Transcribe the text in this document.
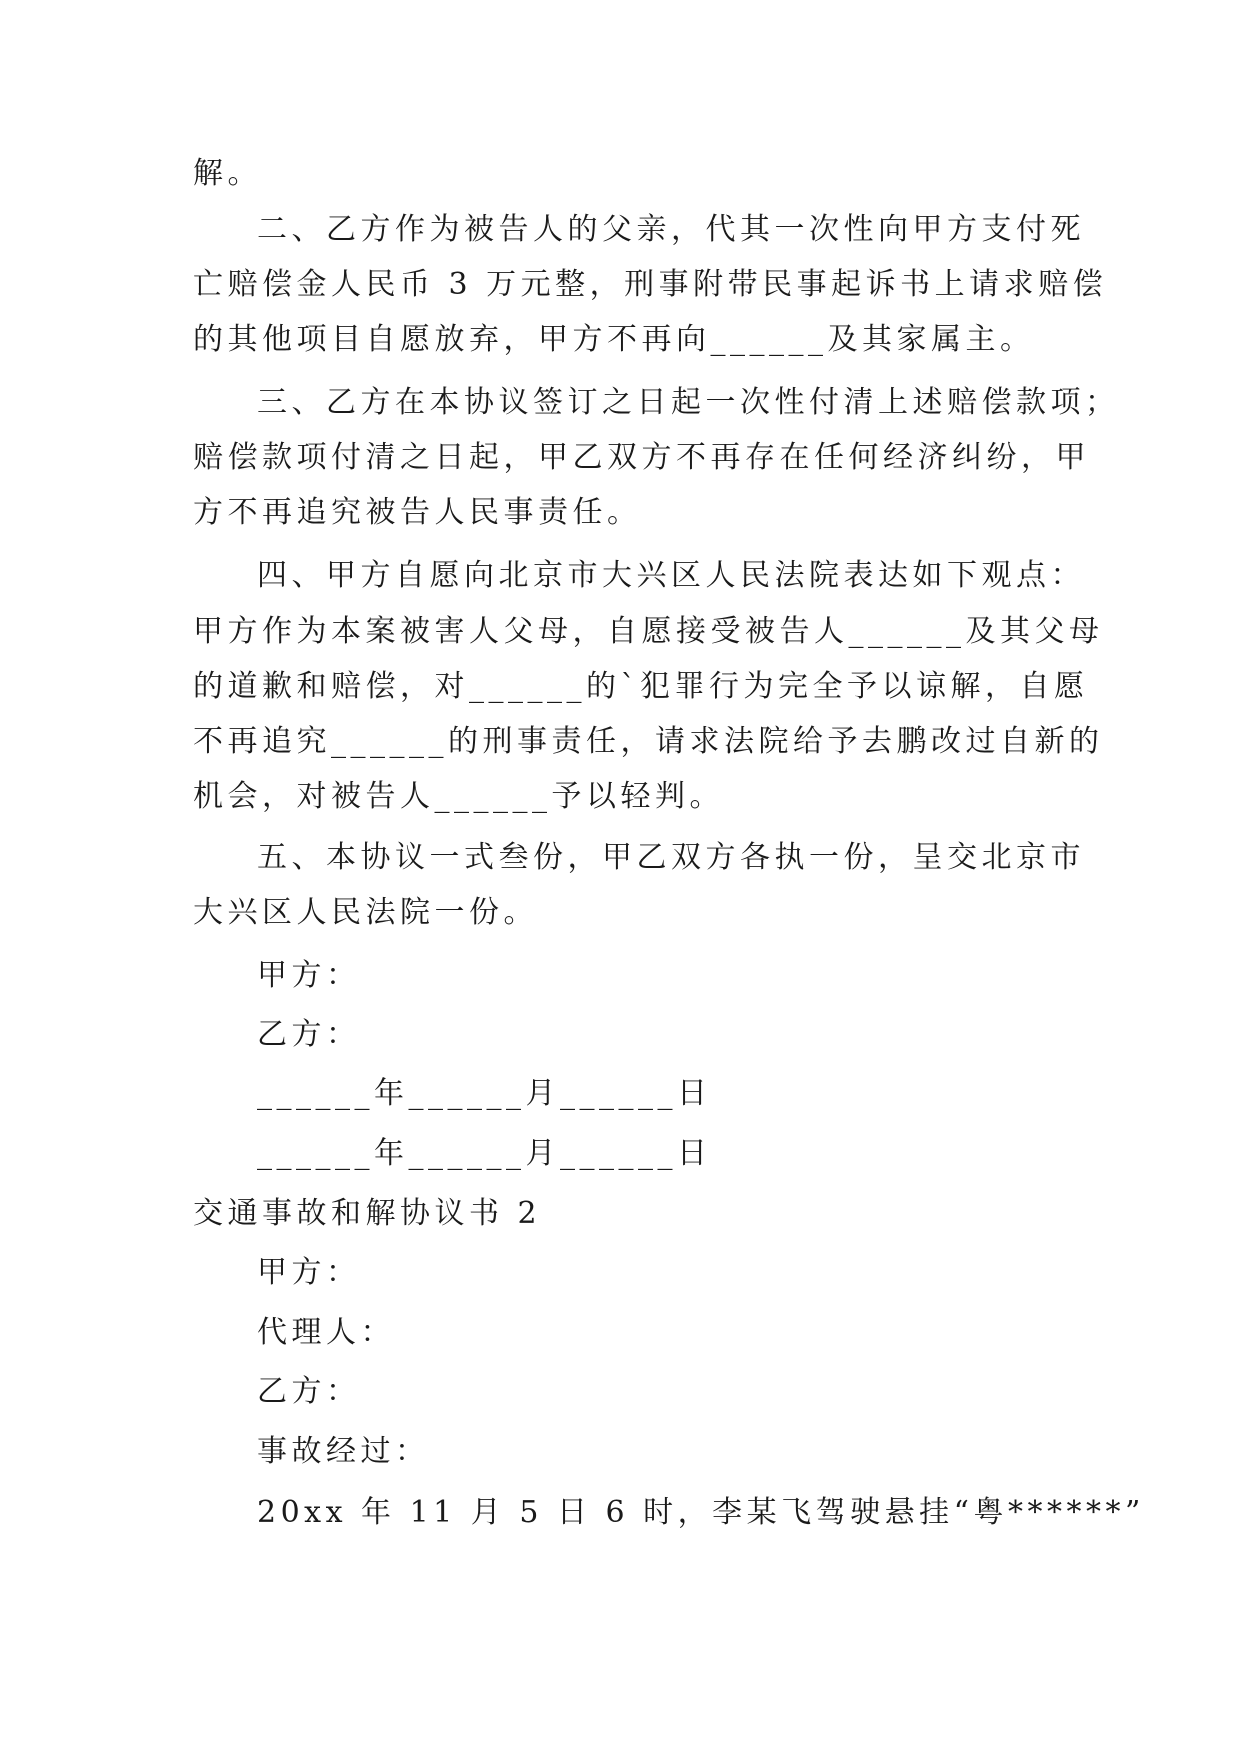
解。
二、乙方作为被告人的父亲，代其一次性向甲方支付死
亡赔偿金人民币 3 万元整，刑事附带民事起诉书上请求赔偿
的其他项目自愿放弃，甲方不再向______及其家属主。
三、乙方在本协议签订之日起一次性付清上述赔偿款项；
赔偿款项付清之日起，甲乙双方不再存在任何经济纠纷，甲
方不再追究被告人民事责任。
四、甲方自愿向北京市大兴区人民法院表达如下观点：
甲方作为本案被害人父母，自愿接受被告人______及其父母
的道歉和赔偿，对______的`犯罪行为完全予以谅解，自愿
不再追究______的刑事责任，请求法院给予去鹏改过自新的
机会，对被告人______予以轻判。
五、本协议一式叁份，甲乙双方各执一份，呈交北京市
大兴区人民法院一份。
甲方：
乙方：
______年______月______日
______年______月______日
交通事故和解协议书 2
甲方：
代理人：
乙方：
事故经过：
20xx 年 11 月 5 日 6 时，李某飞驾驶悬挂“粤******”
